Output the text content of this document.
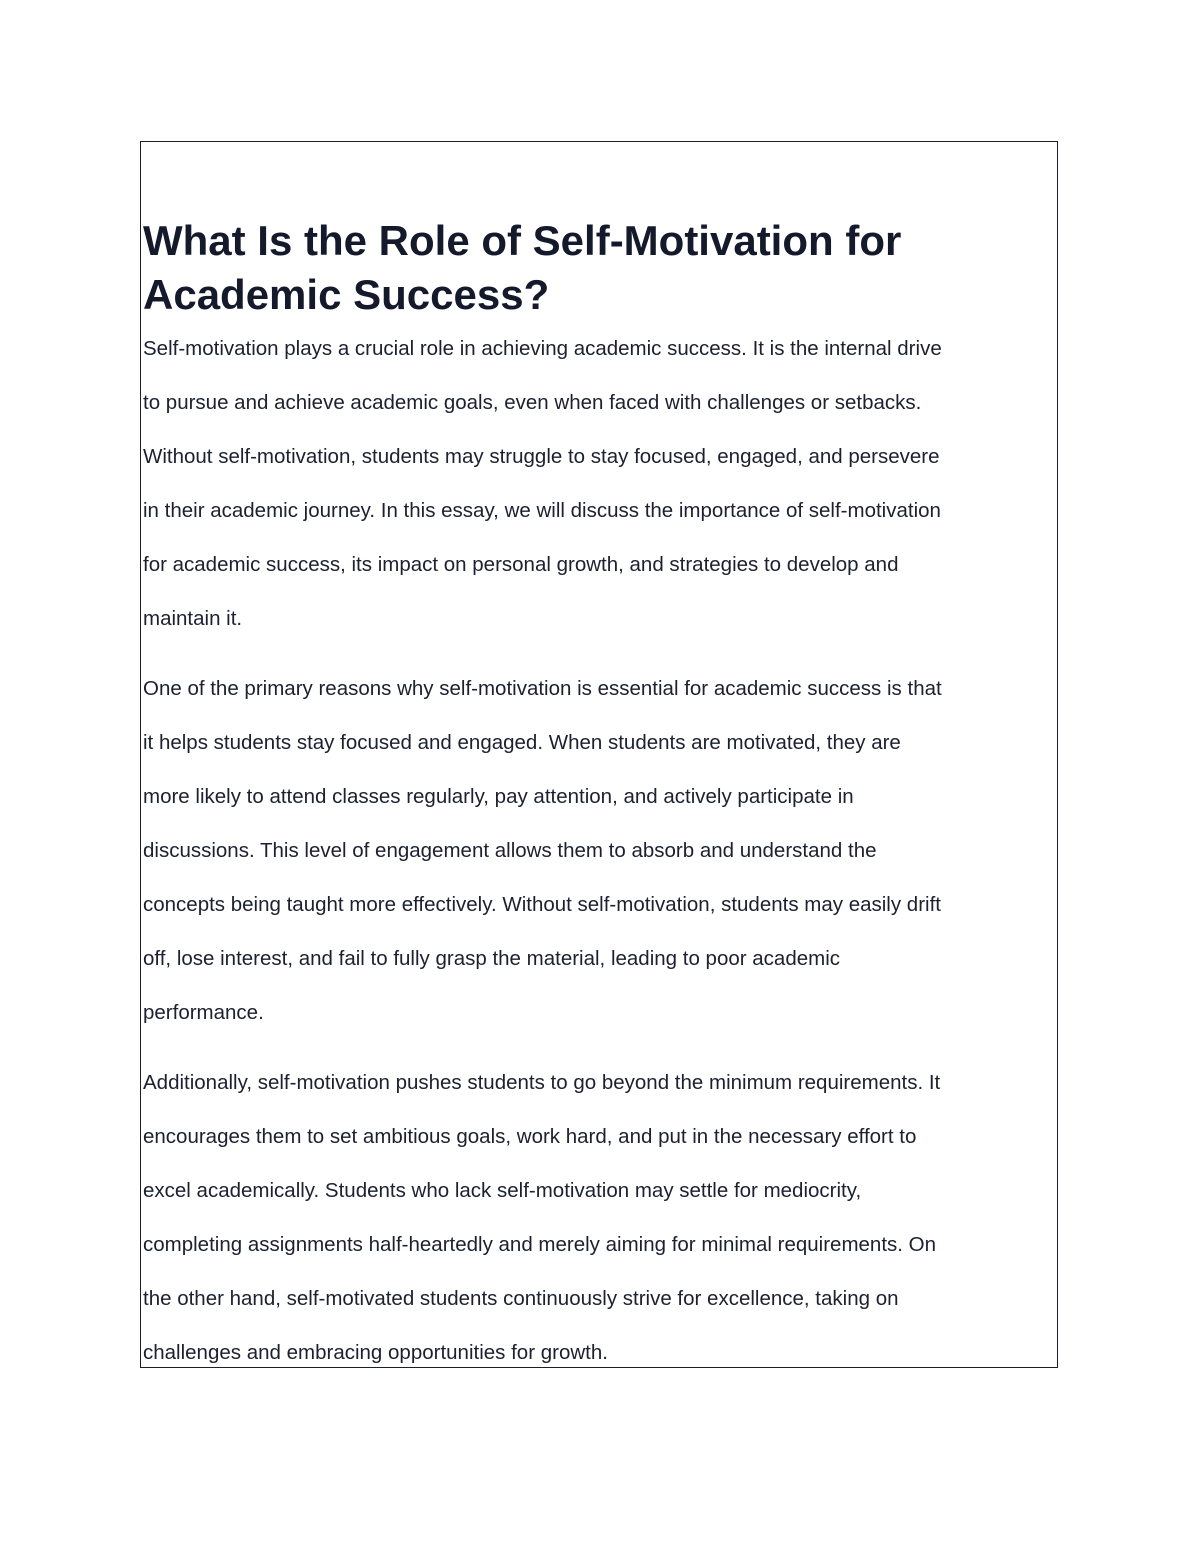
What Is the Role of Self-Motivation for
Academic Success?

Self-motivation plays a crucial role in achieving academic success. It is the internal drive
to pursue and achieve academic goals, even when faced with challenges or setbacks.
Without self-motivation, students may struggle to stay focused, engaged, and persevere
in their academic journey. In this essay, we will discuss the importance of self-motivation
for academic success, its impact on personal growth, and strategies to develop and
maintain it.

One of the primary reasons why self-motivation is essential for academic success is that
it helps students stay focused and engaged. When students are motivated, they are
more likely to attend classes regularly, pay attention, and actively participate in
discussions. This level of engagement allows them to absorb and understand the
concepts being taught more effectively. Without self-motivation, students may easily drift
off, lose interest, and fail to fully grasp the material, leading to poor academic
performance.

Additionally, self-motivation pushes students to go beyond the minimum requirements. It
encourages them to set ambitious goals, work hard, and put in the necessary effort to
excel academically. Students who lack self-motivation may settle for mediocrity,
completing assignments half-heartedly and merely aiming for minimal requirements. On
the other hand, self-motivated students continuously strive for excellence, taking on
challenges and embracing opportunities for growth.
